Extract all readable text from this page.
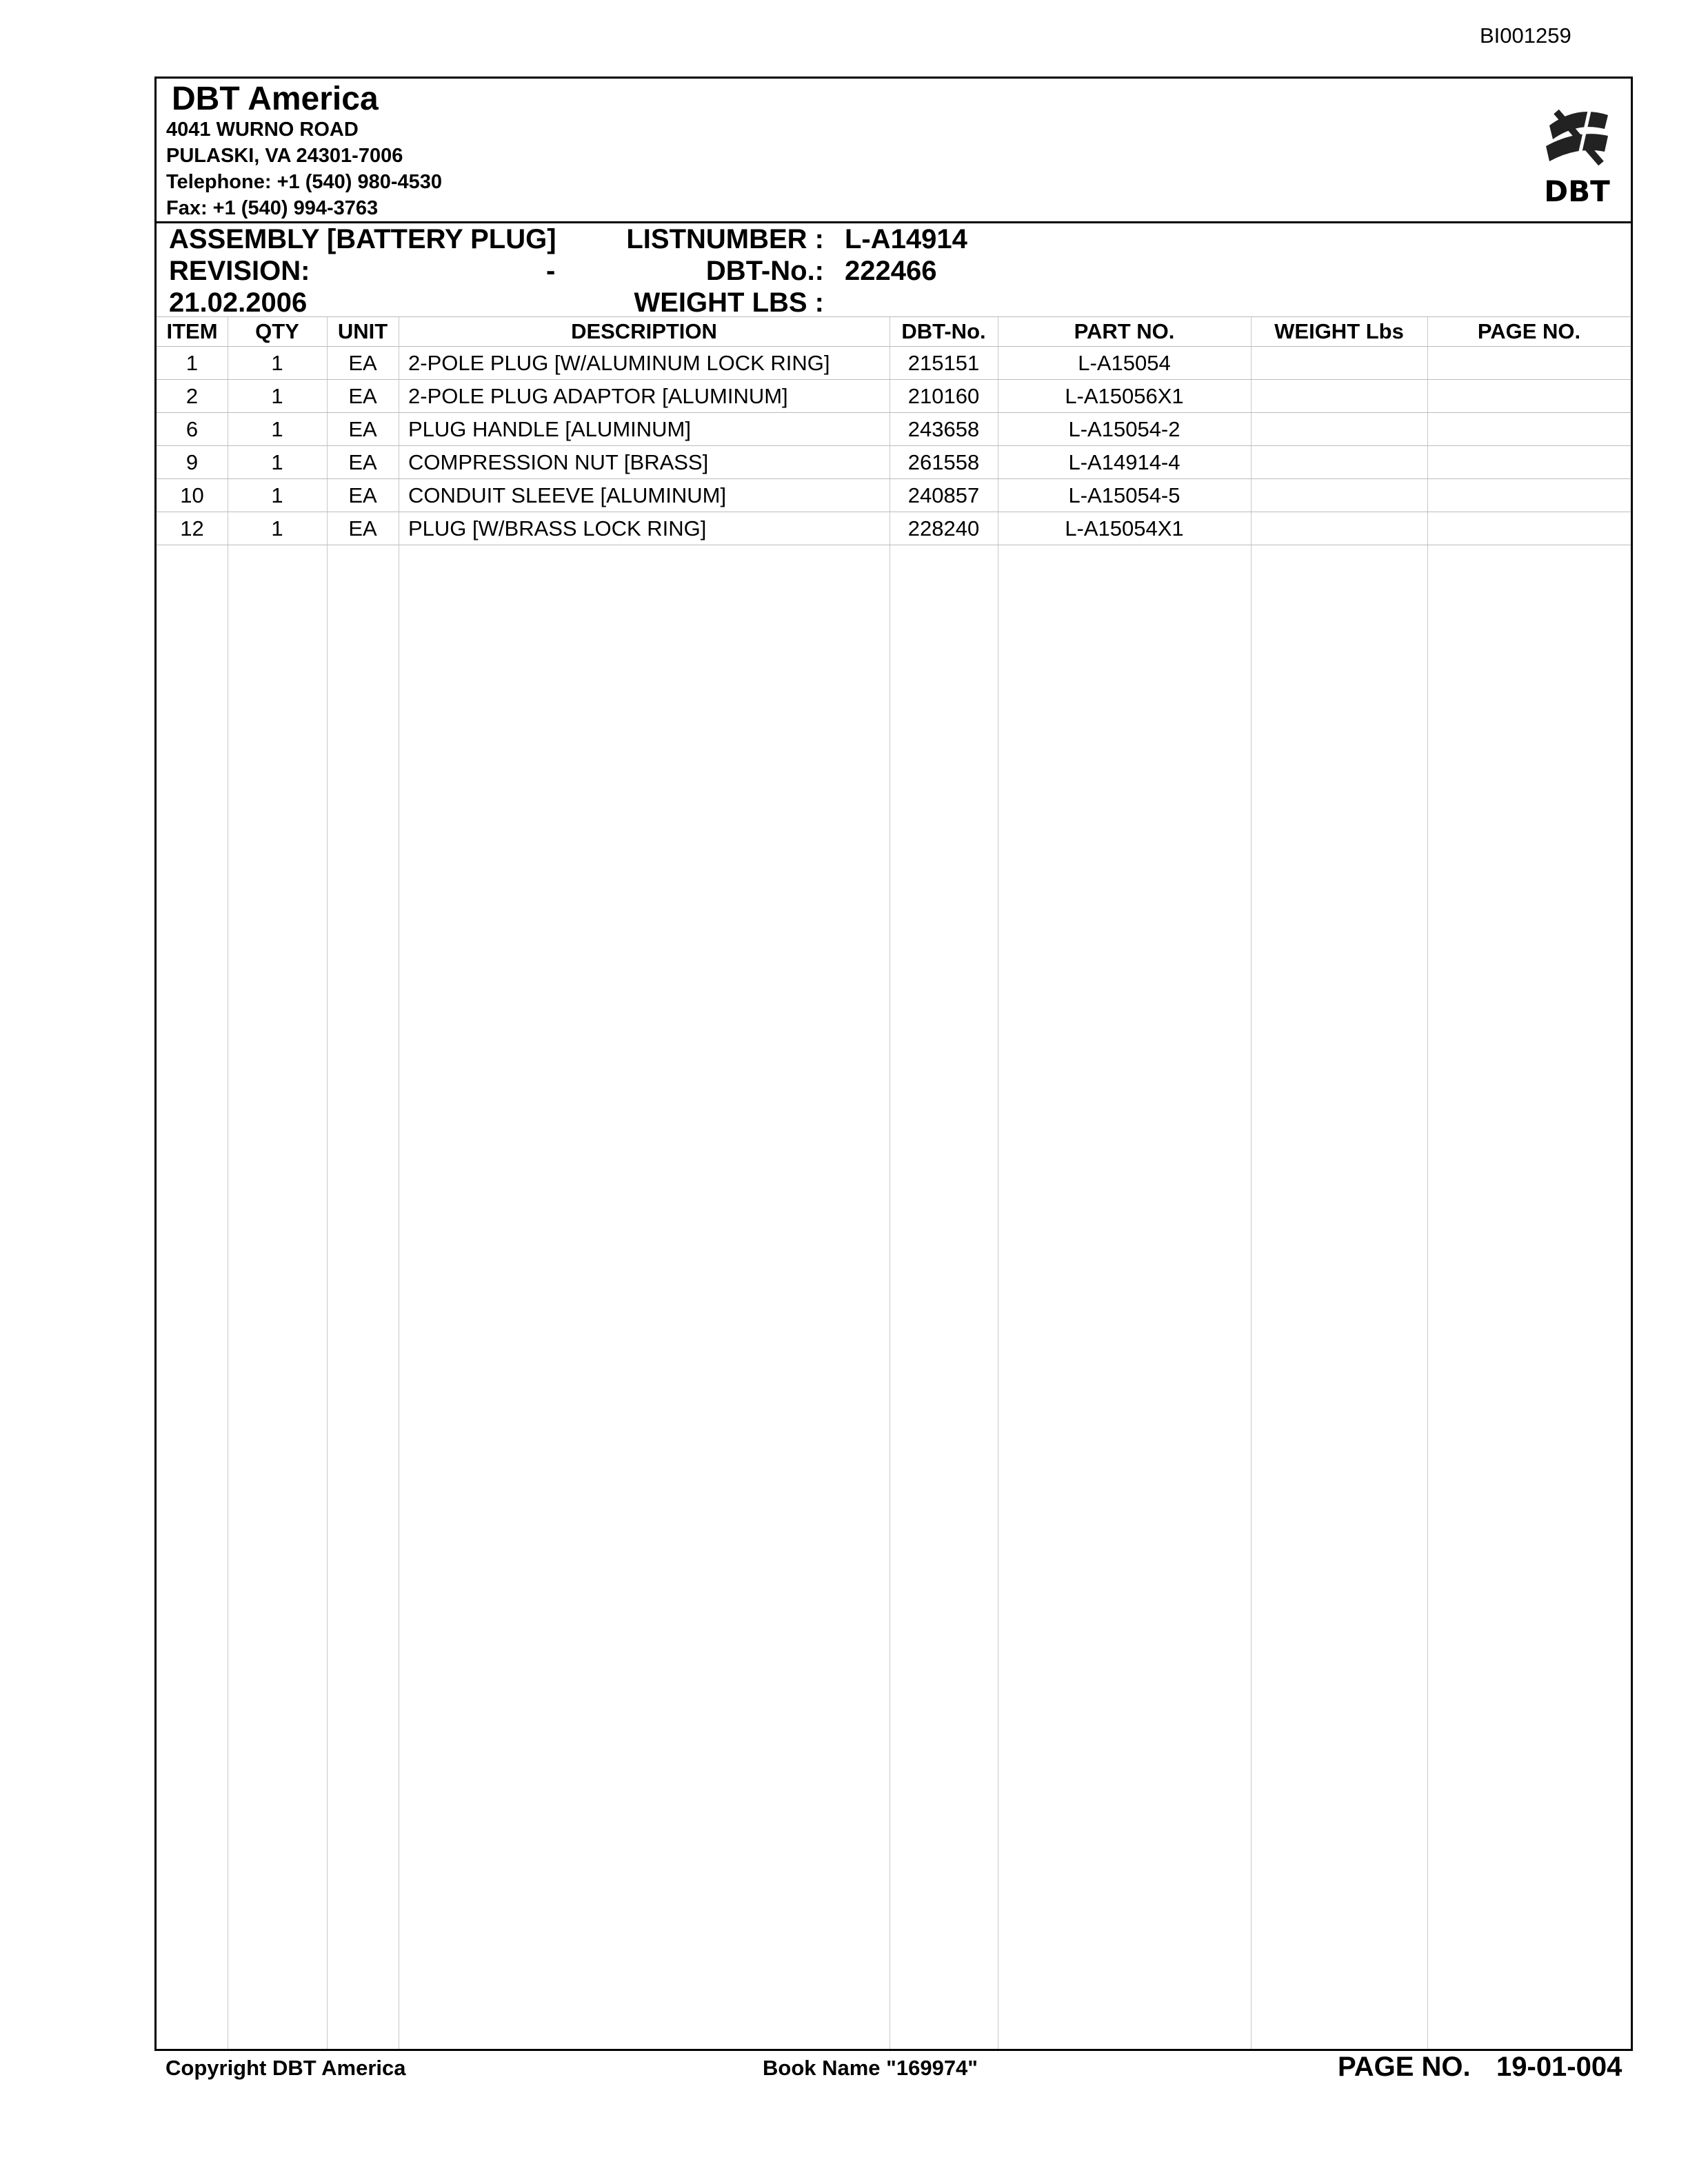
BI001259
DBT America
4041 WURNO ROAD
PULASKI, VA 24301-7006
Telephone: +1 (540) 980-4530
Fax: +1 (540) 994-3763	DBT
ASSEMBLY [BATTERY PLUG]
REVISION:	-
21.02.2006
LISTNUMBER : L-A14914
DBT-No.: 222466
WEIGHT LBS :
ITEM	QTY	UNIT	DESCRIPTION	DBT-No.	PART NO.	WEIGHT Lbs	PAGE NO.
1	1	EA	2-POLE PLUG [W/ALUMINUM LOCK RING]	215151	L-A15054		
2	1	EA	2-POLE PLUG ADAPTOR [ALUMINUM]	210160	L-A15056X1		
6	1	EA	PLUG HANDLE [ALUMINUM]	243658	L-A15054-2		
9	1	EA	COMPRESSION NUT [BRASS]	261558	L-A14914-4		
10	1	EA	CONDUIT SLEEVE [ALUMINUM]	240857	L-A15054-5		
12	1	EA	PLUG [W/BRASS LOCK RING]	228240	L-A15054X1		
Copyright DBT America	Book Name "169974"	PAGE NO. 19-01-004
